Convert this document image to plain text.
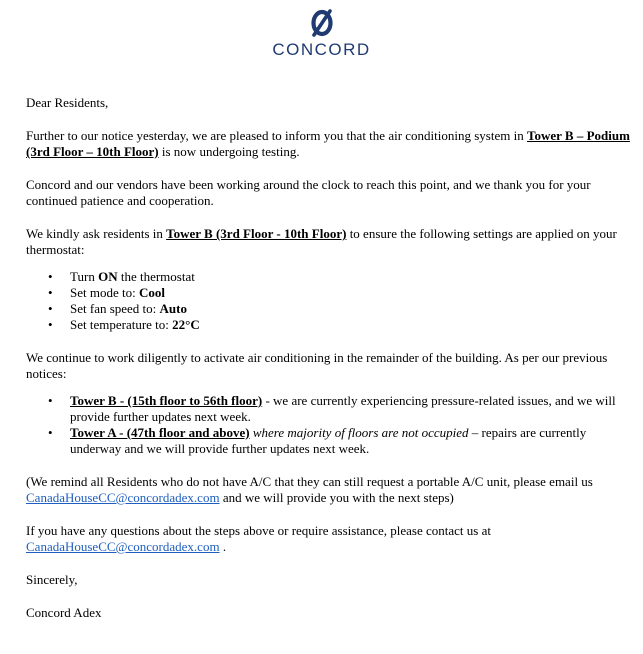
CONCORD

Dear Residents,

Further to our notice yesterday, we are pleased to inform you that the air conditioning system in Tower B – Podium (3rd Floor – 10th Floor) is now undergoing testing.

Concord and our vendors have been working around the clock to reach this point, and we thank you for your continued patience and cooperation.

We kindly ask residents in Tower B (3rd Floor - 10th Floor) to ensure the following settings are applied on your thermostat:

• Turn ON the thermostat
• Set mode to: Cool
• Set fan speed to: Auto
• Set temperature to: 22°C

We continue to work diligently to activate air conditioning in the remainder of the building. As per our previous notices:

• Tower B - (15th floor to 56th floor) - we are currently experiencing pressure-related issues, and we will provide further updates next week.
• Tower A - (47th floor and above) where majority of floors are not occupied – repairs are currently underway and we will provide further updates next week.

(We remind all Residents who do not have A/C that they can still request a portable A/C unit, please email us CanadaHouseCC@concordadex.com and we will provide you with the next steps)

If you have any questions about the steps above or require assistance, please contact us at CanadaHouseCC@concordadex.com .

Sincerely,

Concord Adex
